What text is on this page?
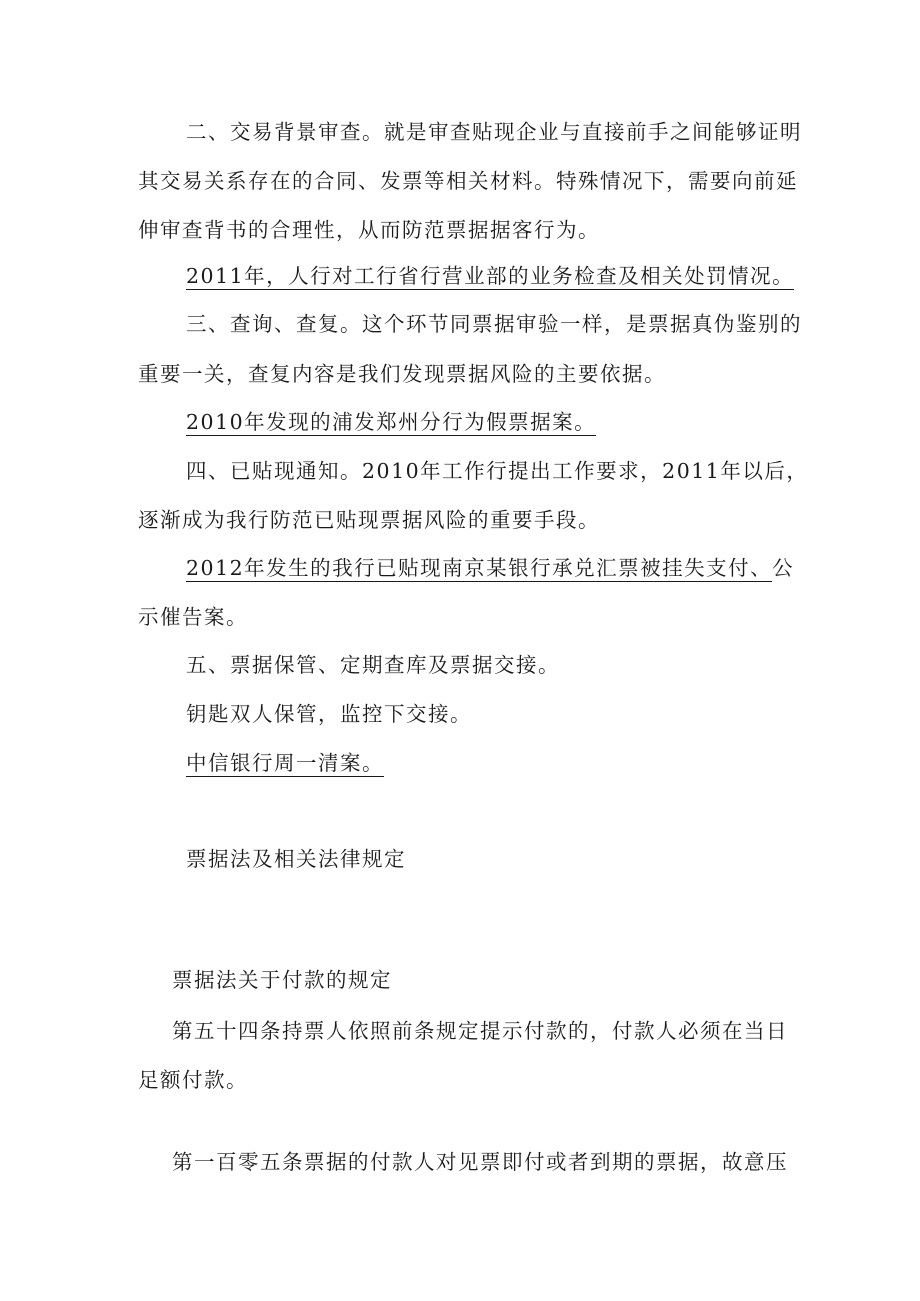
二、交易背景审查。就是审查贴现企业与直接前手之间能够证明
其交易关系存在的合同、发票等相关材料。特殊情况下，需要向前延
伸审查背书的合理性，从而防范票据据客行为。
2011年，人行对工行省行营业部的业务检查及相关处罚情况。
三、查询、查复。这个环节同票据审验一样，是票据真伪鉴别的
重要一关，查复内容是我们发现票据风险的主要依据。
2010年发现的浦发郑州分行为假票据案。
四、已贴现通知。2010年工作行提出工作要求，2011年以后，
逐渐成为我行防范已贴现票据风险的重要手段。
2012年发生的我行已贴现南京某银行承兑汇票被挂失支付、公
示催告案。
五、票据保管、定期查库及票据交接。
钥匙双人保管，监控下交接。
中信银行周一清案。
票据法及相关法律规定
票据法关于付款的规定
第五十四条持票人依照前条规定提示付款的，付款人必须在当日
足额付款。
第一百零五条票据的付款人对见票即付或者到期的票据，故意压
